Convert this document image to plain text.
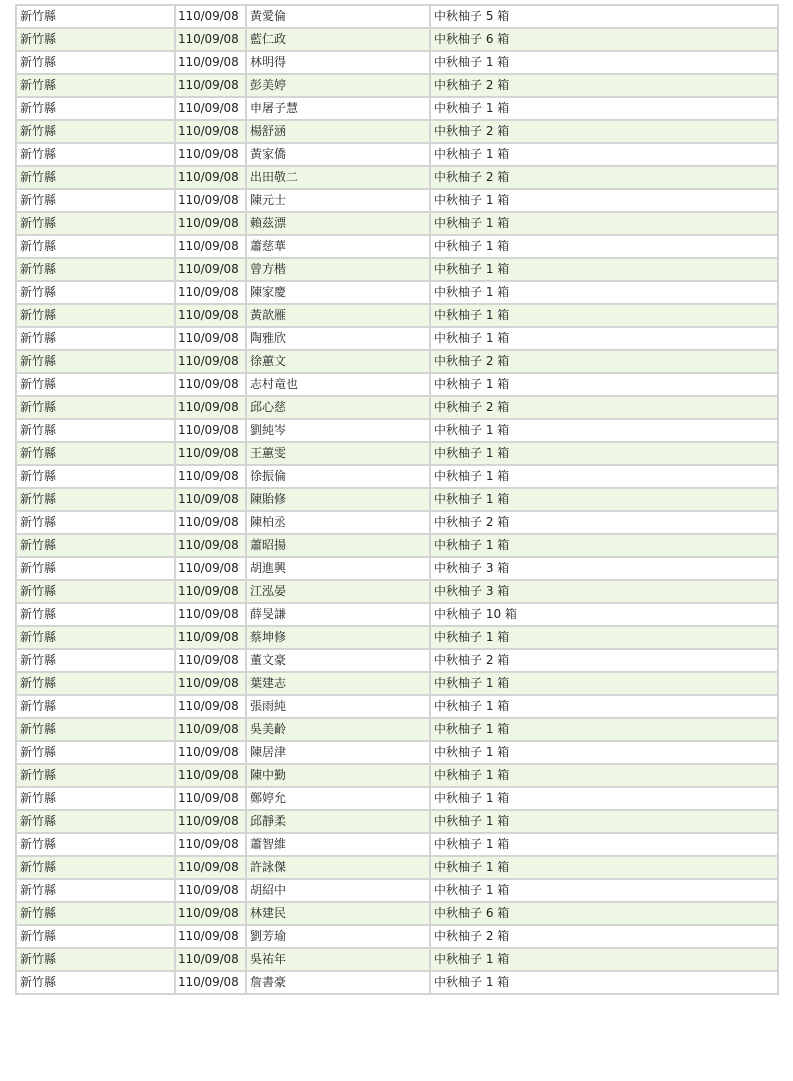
新竹縣	110/09/08	黃愛倫	中秋柚子 5 箱
新竹縣	110/09/08	藍仁政	中秋柚子 6 箱
新竹縣	110/09/08	林明得	中秋柚子 1 箱
新竹縣	110/09/08	彭美婷	中秋柚子 2 箱
新竹縣	110/09/08	申屠子慧	中秋柚子 1 箱
新竹縣	110/09/08	楊舒涵	中秋柚子 2 箱
新竹縣	110/09/08	黃家僑	中秋柚子 1 箱
新竹縣	110/09/08	出田敬二	中秋柚子 2 箱
新竹縣	110/09/08	陳元士	中秋柚子 1 箱
新竹縣	110/09/08	賴茲漂	中秋柚子 1 箱
新竹縣	110/09/08	蕭慈華	中秋柚子 1 箱
新竹縣	110/09/08	曾方楷	中秋柚子 1 箱
新竹縣	110/09/08	陳家慶	中秋柚子 1 箱
新竹縣	110/09/08	黃歆雁	中秋柚子 1 箱
新竹縣	110/09/08	陶雅欣	中秋柚子 1 箱
新竹縣	110/09/08	徐蕙文	中秋柚子 2 箱
新竹縣	110/09/08	志村竜也	中秋柚子 1 箱
新竹縣	110/09/08	邱心慈	中秋柚子 2 箱
新竹縣	110/09/08	劉純岑	中秋柚子 1 箱
新竹縣	110/09/08	王蕙雯	中秋柚子 1 箱
新竹縣	110/09/08	徐振倫	中秋柚子 1 箱
新竹縣	110/09/08	陳貽修	中秋柚子 1 箱
新竹縣	110/09/08	陳柏丞	中秋柚子 2 箱
新竹縣	110/09/08	蕭昭揚	中秋柚子 1 箱
新竹縣	110/09/08	胡進興	中秋柚子 3 箱
新竹縣	110/09/08	江泓晏	中秋柚子 3 箱
新竹縣	110/09/08	薛旻謙	中秋柚子 10 箱
新竹縣	110/09/08	蔡坤修	中秋柚子 1 箱
新竹縣	110/09/08	董文豪	中秋柚子 2 箱
新竹縣	110/09/08	葉建志	中秋柚子 1 箱
新竹縣	110/09/08	張雨純	中秋柚子 1 箱
新竹縣	110/09/08	吳美齡	中秋柚子 1 箱
新竹縣	110/09/08	陳居津	中秋柚子 1 箱
新竹縣	110/09/08	陳中勤	中秋柚子 1 箱
新竹縣	110/09/08	鄭婷允	中秋柚子 1 箱
新竹縣	110/09/08	邱靜柔	中秋柚子 1 箱
新竹縣	110/09/08	蕭智維	中秋柚子 1 箱
新竹縣	110/09/08	許詠傑	中秋柚子 1 箱
新竹縣	110/09/08	胡紹中	中秋柚子 1 箱
新竹縣	110/09/08	林建民	中秋柚子 6 箱
新竹縣	110/09/08	劉芳瑜	中秋柚子 2 箱
新竹縣	110/09/08	吳祐年	中秋柚子 1 箱
新竹縣	110/09/08	詹書豪	中秋柚子 1 箱
